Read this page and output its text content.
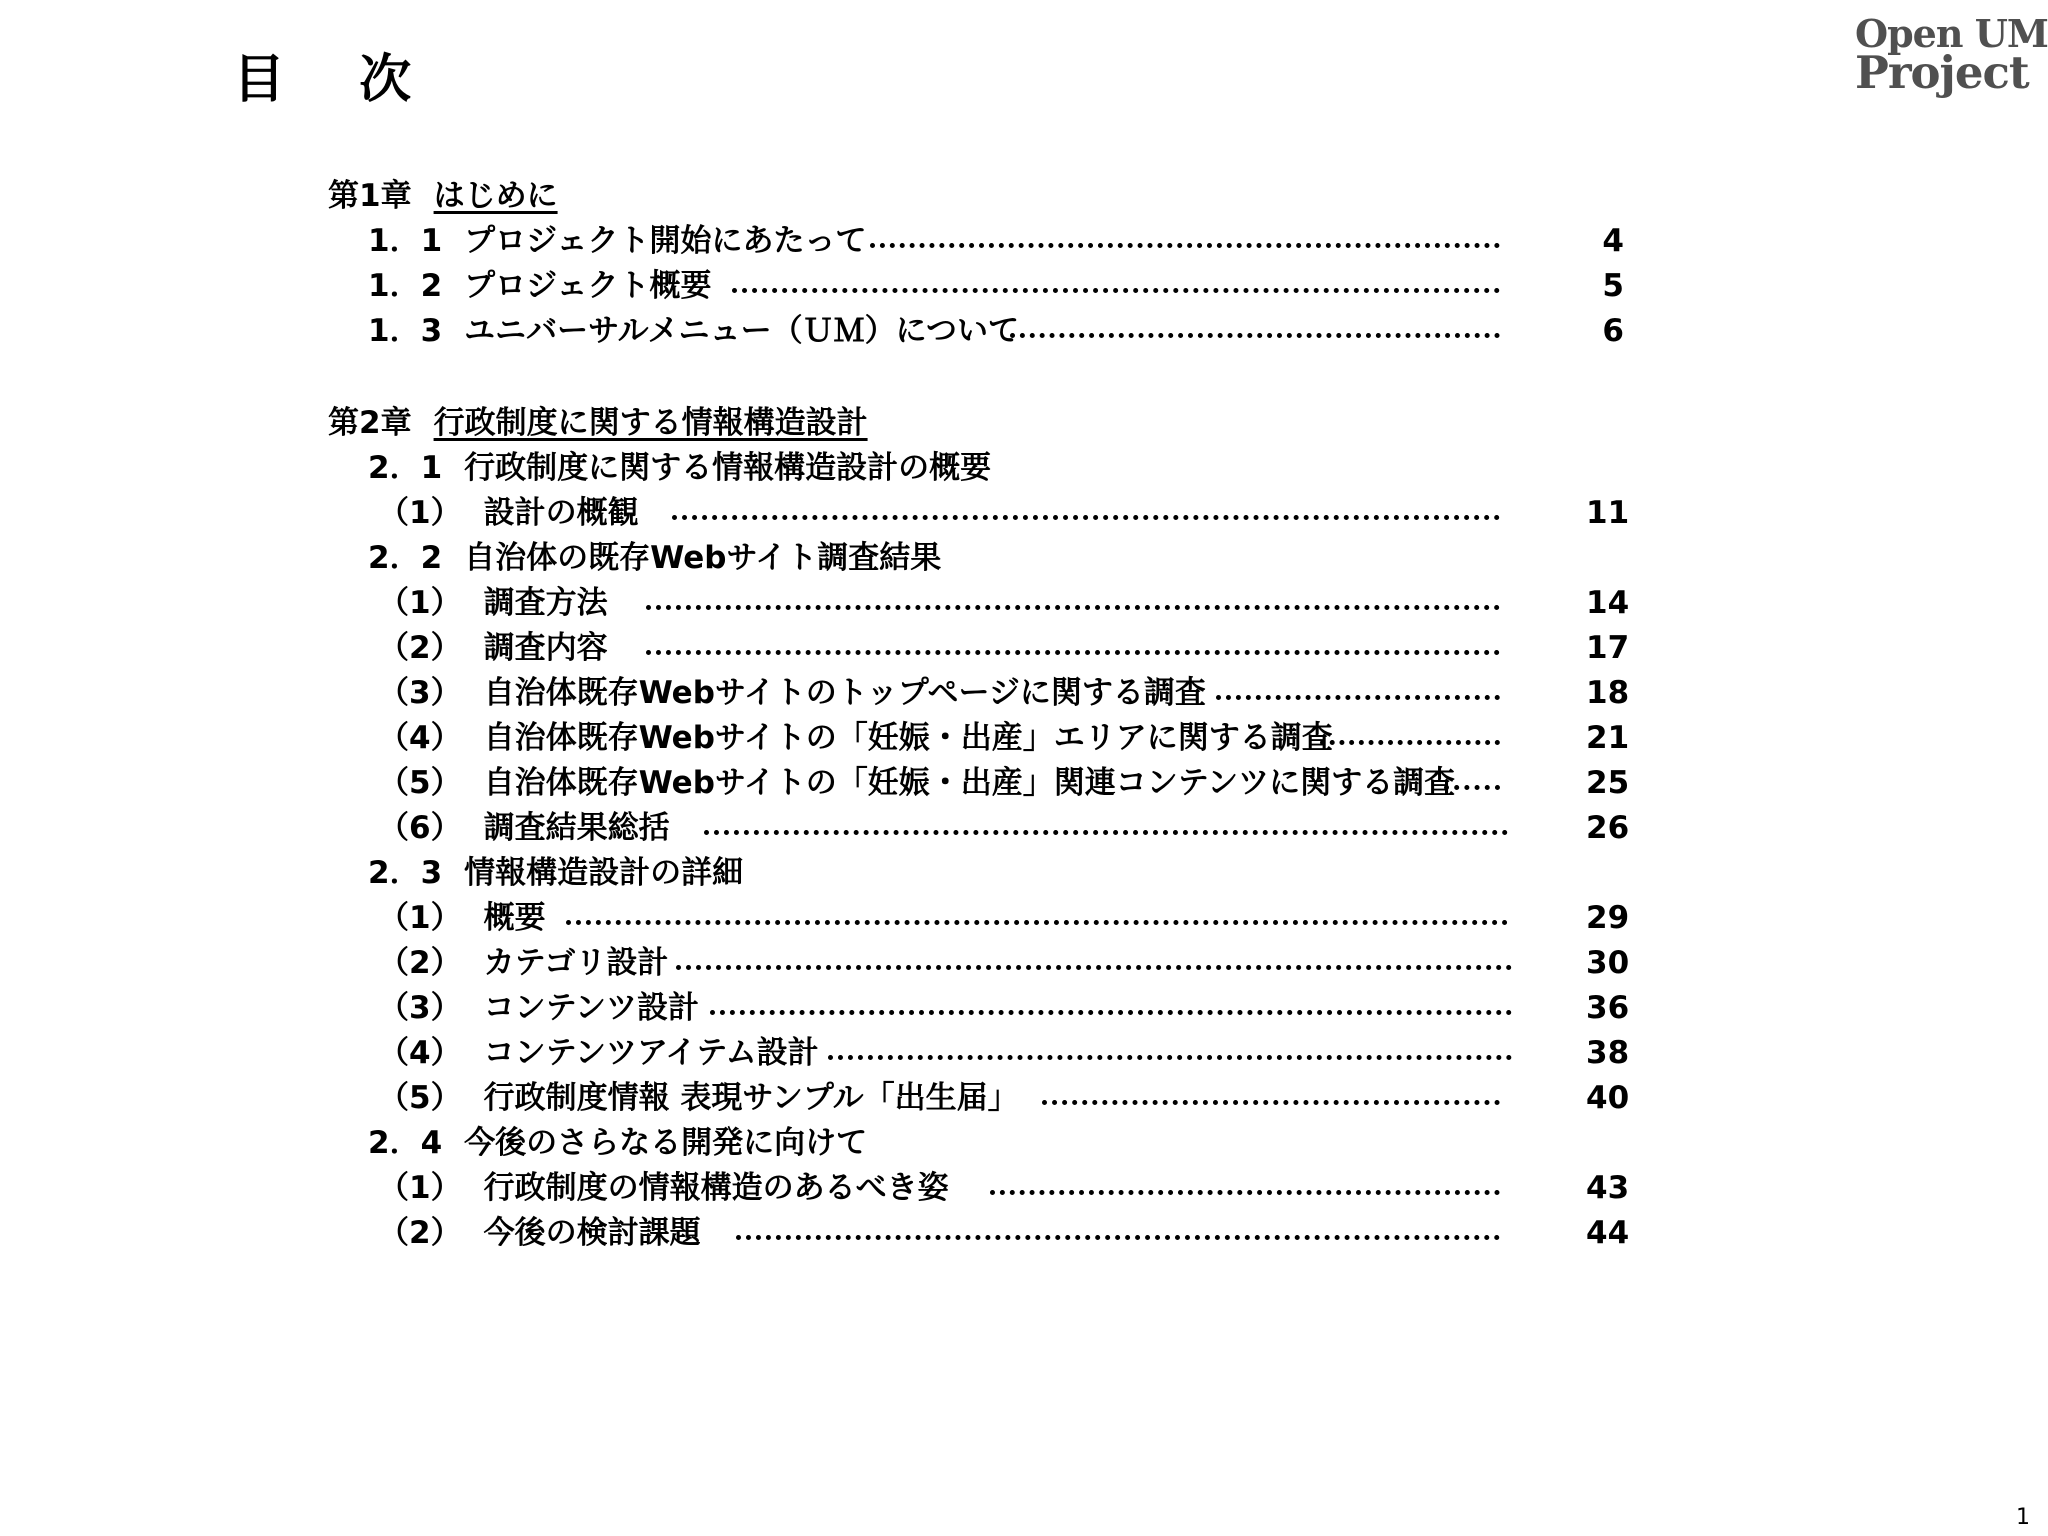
目 次
Open UM
Project
第1章 はじめに
1．1 プロジェクト開始にあたって	4
1．2 プロジェクト概要	5
1．3 ユニバーサルメニュー（ＵＭ）について	6
第2章 行政制度に関する情報構造設計
2．1 行政制度に関する情報構造設計の概要
（1） 設計の概観	11
2．2 自治体の既存Webサイト調査結果
（1） 調査方法	14
（2） 調査内容	17
（3） 自治体既存Webサイトのトップページに関する調査	18
（4） 自治体既存Webサイトの「妊娠・出産」エリアに関する調査	21
（5） 自治体既存Webサイトの「妊娠・出産」関連コンテンツに関する調査	25
（6） 調査結果総括	26
2．3 情報構造設計の詳細
（1） 概要	29
（2） カテゴリ設計	30
（3） コンテンツ設計	36
（4） コンテンツアイテム設計	38
（5） 行政制度情報 表現サンプル「出生届」	40
2．4 今後のさらなる開発に向けて
（1） 行政制度の情報構造のあるべき姿	43
（2） 今後の検討課題	44
1
